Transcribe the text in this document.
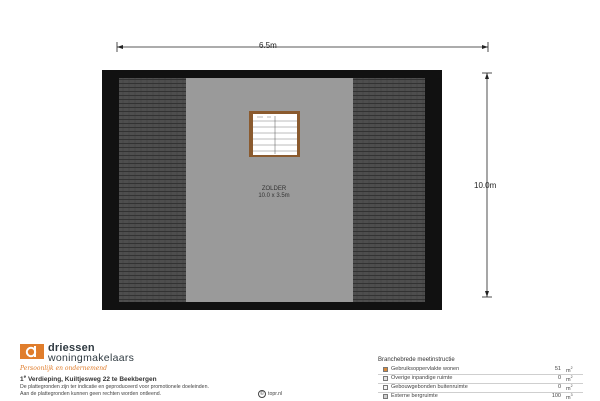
6.5m
10.0m
ZOLDER
10.0 x 3.5m
driessen
woningmakelaars
Persoonlijk en ondernemend
1e Verdieping, Kuiltjesweg 22 te Beekbergen
De plattegronden zijn ter indicatie en geproduceerd voor promotionele doeleinden.
Aan de plattegronden kunnen geen rechten worden ontleend.	© topr.nl
Branchebrede meetinstructie
Gebruiksoppervlakte wonen	51 $m^2$
Overige inpandige ruimte	0 $m^2$
Gebouwgebonden buitenruimte	0 $m^2$
Externe bergruimte	100 $m^3$
